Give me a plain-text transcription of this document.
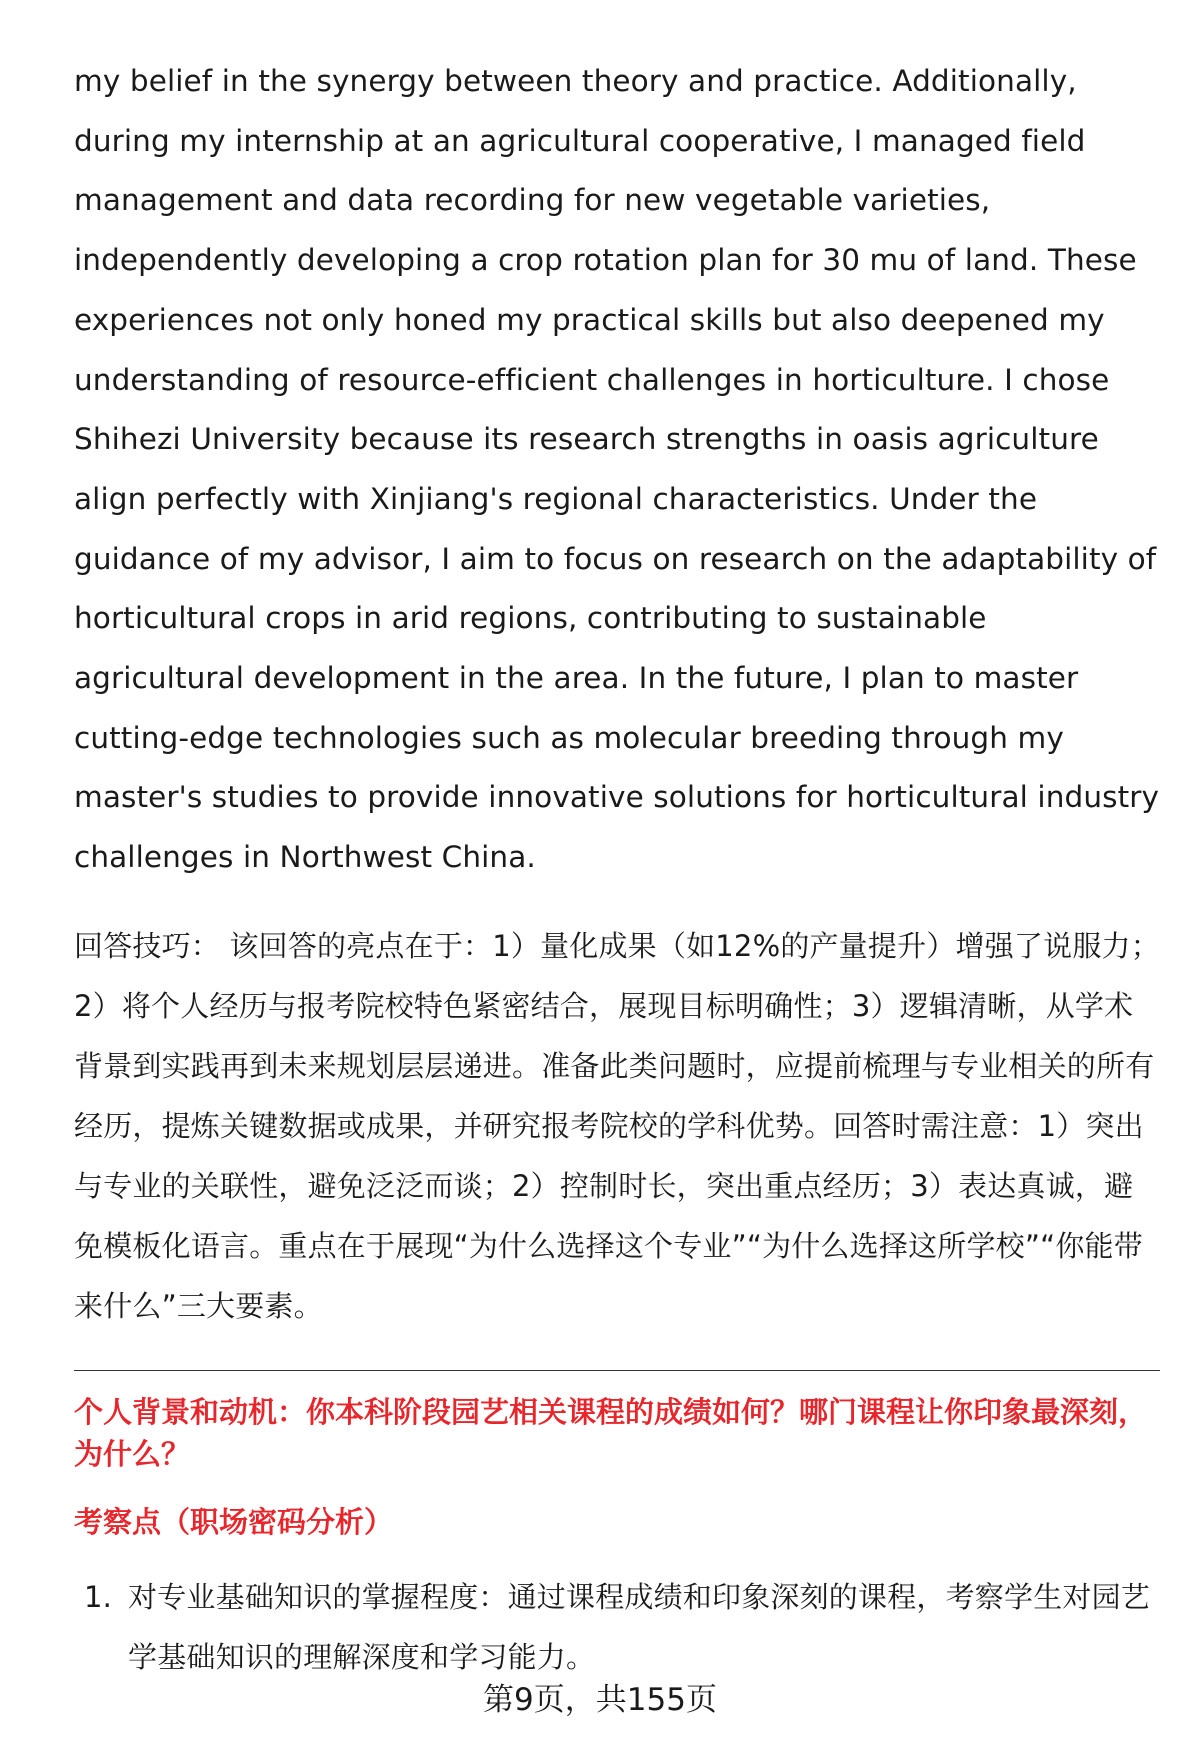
my belief in the synergy between theory and practice. Additionally, during my internship at an agricultural cooperative, I managed field management and data recording for new vegetable varieties, independently developing a crop rotation plan for 30 mu of land. These experiences not only honed my practical skills but also deepened my understanding of resource-efficient challenges in horticulture. I chose Shihezi University because its research strengths in oasis agriculture align perfectly with Xinjiang's regional characteristics. Under the guidance of my advisor, I aim to focus on research on the adaptability of horticultural crops in arid regions, contributing to sustainable agricultural development in the area. In the future, I plan to master cutting-edge technologies such as molecular breeding through my master's studies to provide innovative solutions for horticultural industry challenges in Northwest China.

回答技巧： 该回答的亮点在于：1）量化成果（如12%的产量提升）增强了说服力；2）将个人经历与报考院校特色紧密结合，展现目标明确性；3）逻辑清晰，从学术背景到实践再到未来规划层层递进。准备此类问题时，应提前梳理与专业相关的所有经历，提炼关键数据或成果，并研究报考院校的学科优势。回答时需注意：1）突出与专业的关联性，避免泛泛而谈；2）控制时长，突出重点经历；3）表达真诚，避免模板化语言。重点在于展现“为什么选择这个专业”“为什么选择这所学校”“你能带来什么”三大要素。

个人背景和动机：你本科阶段园艺相关课程的成绩如何？哪门课程让你印象最深刻，为什么？

考察点（职场密码分析）

1. 对专业基础知识的掌握程度：通过课程成绩和印象深刻的课程，考察学生对园艺学基础知识的理解深度和学习能力。
第9页，共155页
